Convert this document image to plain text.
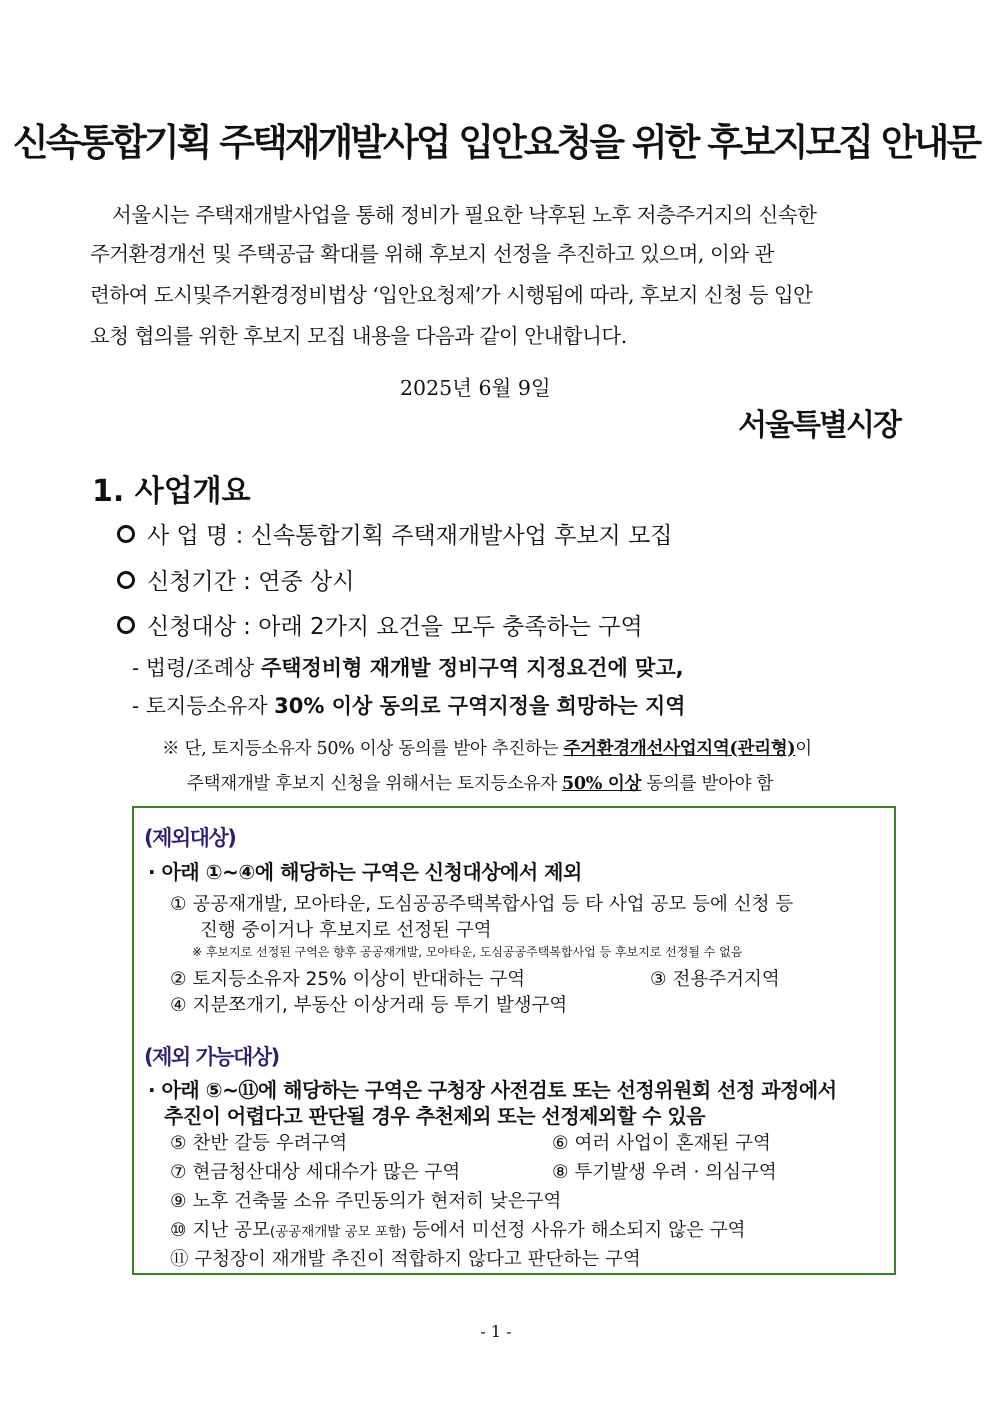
신속통합기획 주택재개발사업 입안요청을 위한 후보지모집 안내문
서울시는 주택재개발사업을 통해 정비가 필요한 낙후된 노후 저층주거지의 신속한
주거환경개선 및 주택공급 확대를 위해 후보지 선정을 추진하고 있으며, 이와 관
련하여 도시및주거환경정비법상 ‘입안요청제’가 시행됨에 따라, 후보지 신청 등 입안
요청 협의를 위한 후보지 모집 내용을 다음과 같이 안내합니다.
2025년 6월 9일
서울특별시장
1. 사업개요
사 업 명 : 신속통합기획 주택재개발사업 후보지 모집
신청기간 : 연중 상시
신청대상 : 아래 2가지 요건을 모두 충족하는 구역
- 법령/조례상 주택정비형 재개발 정비구역 지정요건에 맞고,
- 토지등소유자 30% 이상 동의로 구역지정을 희망하는 지역
※ 단, 토지등소유자 50% 이상 동의를 받아 추진하는 주거환경개선사업지역(관리형)이
주택재개발 후보지 신청을 위해서는 토지등소유자 50% 이상 동의를 받아야 함
(제외대상)
· 아래 ①~④에 해당하는 구역은 신청대상에서 제외
① 공공재개발, 모아타운, 도심공공주택복합사업 등 타 사업 공모 등에 신청 등
진행 중이거나 후보지로 선정된 구역
※ 후보지로 선정된 구역은 향후 공공재개발, 모아타운, 도심공공주택복합사업 등 후보지로 선정될 수 없음
② 토지등소유자 25% 이상이 반대하는 구역	③ 전용주거지역
④ 지분쪼개기, 부동산 이상거래 등 투기 발생구역
(제외 가능대상)
· 아래 ⑤~⑪에 해당하는 구역은 구청장 사전검토 또는 선정위원회 선정 과정에서
추진이 어렵다고 판단될 경우 추천제외 또는 선정제외할 수 있음
⑤ 찬반 갈등 우려구역	⑥ 여러 사업이 혼재된 구역
⑦ 현금청산대상 세대수가 많은 구역	⑧ 투기발생 우려 · 의심구역
⑨ 노후 건축물 소유 주민동의가 현저히 낮은구역
⑩ 지난 공모(공공재개발 공모 포함) 등에서 미선정 사유가 해소되지 않은 구역
⑪ 구청장이 재개발 추진이 적합하지 않다고 판단하는 구역
- 1 -
